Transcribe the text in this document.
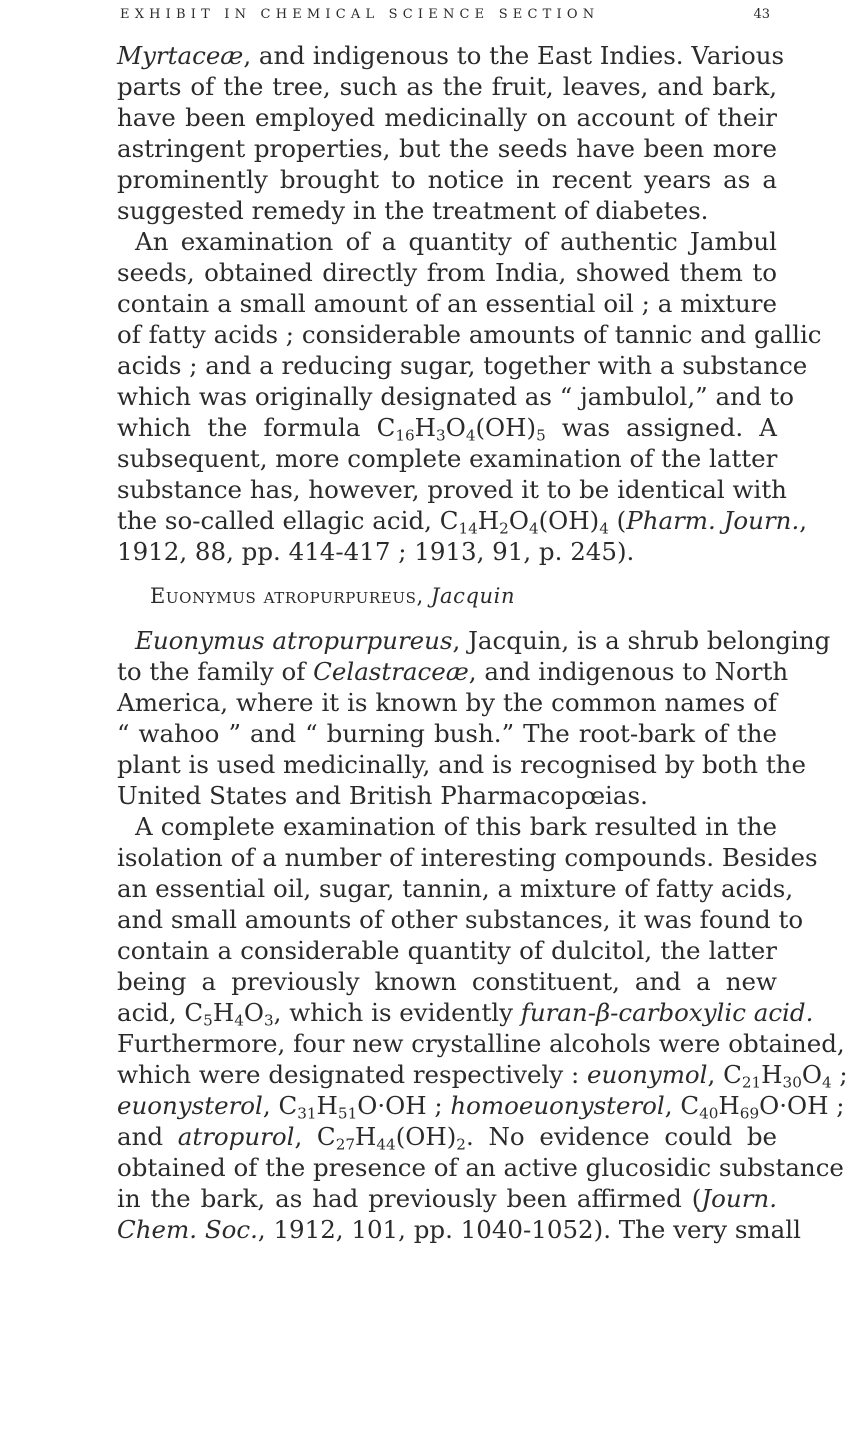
EXHIBIT IN CHEMICAL SCIENCE SECTION	43
Myrtaceæ, and indigenous to the East Indies. Various
parts of the tree, such as the fruit, leaves, and bark,
have been employed medicinally on account of their
astringent properties, but the seeds have been more
prominently brought to notice in recent years as a
suggested remedy in the treatment of diabetes.
An examination of a quantity of authentic Jambul
seeds, obtained directly from India, showed them to
contain a small amount of an essential oil ; a mixture
of fatty acids ; considerable amounts of tannic and gallic
acids ; and a reducing sugar, together with a substance
which was originally designated as “ jambulol,” and to
which the formula $C_{16}H_3O_4(OH)_5$ was assigned. A
subsequent, more complete examination of the latter
substance has, however, proved it to be identical with
the so-called ellagic acid, $C_{14}H_2O_4(OH)_4$ (Pharm. Journ.,
1912, 88, pp. 414-417 ; 1913, 91, p. 245).
Euonymus atropurpureus, Jacquin
Euonymus atropurpureus, Jacquin, is a shrub belonging
to the family of Celastraceæ, and indigenous to North
America, where it is known by the common names of
“ wahoo ” and “ burning bush.” The root-bark of the
plant is used medicinally, and is recognised by both the
United States and British Pharmacopœias.
A complete examination of this bark resulted in the
isolation of a number of interesting compounds. Besides
an essential oil, sugar, tannin, a mixture of fatty acids,
and small amounts of other substances, it was found to
contain a considerable quantity of dulcitol, the latter
being a previously known constituent, and a new
acid, $C_5H_4O_3$, which is evidently furan-β-carboxylic acid.
Furthermore, four new crystalline alcohols were obtained,
which were designated respectively : euonymol, $C_{21}H_{30}O_4$ ;
euonysterol, $C_{31}H_{51}O\cdot OH$ ; homoeuonysterol, $C_{40}H_{69}O\cdot OH$ ;
and atropurol, $C_{27}H_{44}(OH)_2$. No evidence could be
obtained of the presence of an active glucosidic substance
in the bark, as had previously been affirmed (Journ.
Chem. Soc., 1912, 101, pp. 1040-1052). The very small
